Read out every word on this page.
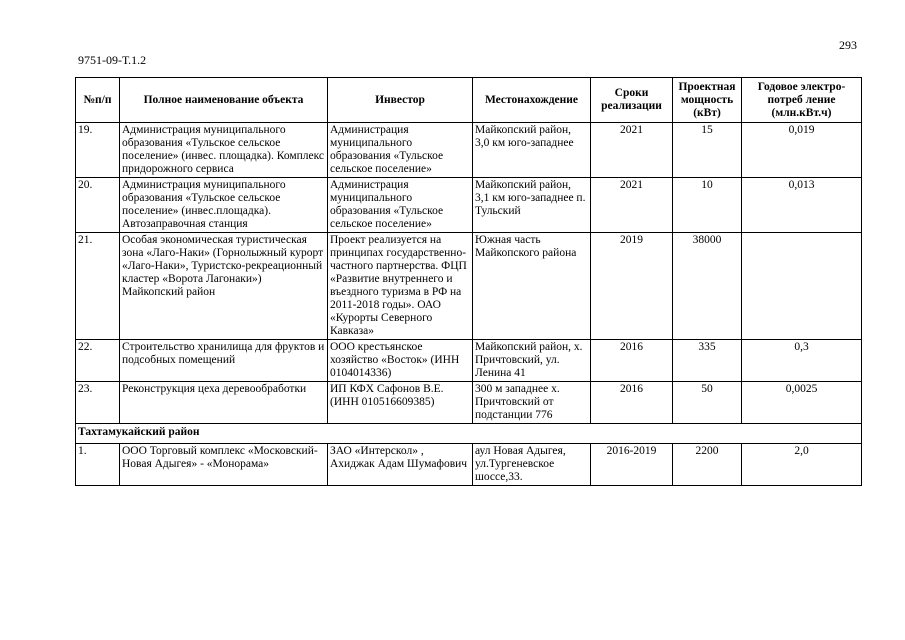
293
9751-09-Т.1.2
№п/п	Полное наименование объекта	Инвестор	Местонахождение	Сроки реализации	Проектная мощность (кВт)	Годовое электро-потреб ление (млн.кВт.ч)
19.	Администрация муниципального образования «Тульское сельское поселение» (инвес. площадка). Комплекс придорожного сервиса	Администрация муниципального образования «Тульское сельское поселение»	Майкопский район, 3,0 км юго-западнее	2021	15	0,019
20.	Администрация муниципального образования «Тульское сельское поселение» (инвес.площадка). Автозаправочная станция	Администрация муниципального образования «Тульское сельское поселение»	Майкопский район, 3,1 км юго-западнее п. Тульский	2021	10	0,013
21.	Особая экономическая туристическая зона «Лаго-Наки» (Горнолыжный курорт «Лаго-Наки», Туристско-рекреационный кластер «Ворота Лагонаки») Майкопский район	Проект реализуется на принципах государственно-частного партнерства. ФЦП «Развитие внутреннего и въездного туризма в РФ на 2011-2018 годы». ОАО «Курорты Северного Кавказа»	Южная часть Майкопского района	2019	38000	
22.	Строительство хранилища для фруктов и подсобных помещений	ООО крестьянское хозяйство «Восток» (ИНН 0104014336)	Майкопский район, х. Причтовский, ул. Ленина 41	2016	335	0,3
23.	Реконструкция цеха деревообработки	ИП КФХ Сафонов В.Е. (ИНН 010516609385)	300 м западнее х. Причтовский от подстанции 776	2016	50	0,0025
Тахтамукайский район						
1.	ООО Торговый комплекс «Московский-Новая Адыгея» - «Монорама»	ЗАО «Интерскол» , Ахиджак Адам Шумафович	аул Новая Адыгея, ул.Тургеневское шоссе,33.	2016-2019	2200	2,0
